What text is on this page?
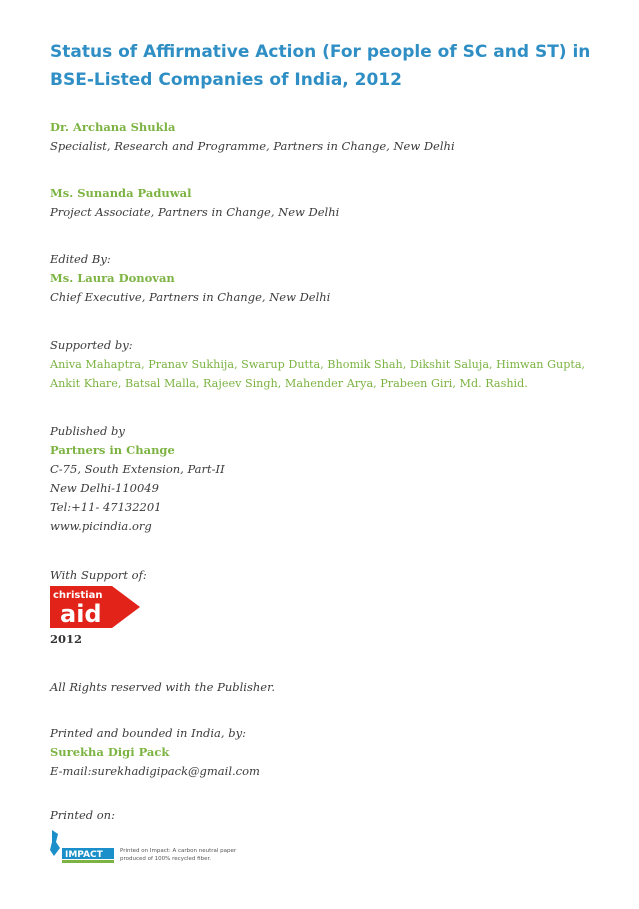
Status of Affirmative Action (For people of SC and ST) in
BSE-Listed Companies of India, 2012
Dr. Archana Shukla
Specialist, Research and Programme, Partners in Change, New Delhi
Ms. Sunanda Paduwal
Project Associate, Partners in Change, New Delhi
Edited By:
Ms. Laura Donovan
Chief Executive, Partners in Change, New Delhi
Supported by:
Aniva Mahaptra, Pranav Sukhija, Swarup Dutta, Bhomik Shah, Dikshit Saluja, Himwan Gupta,
Ankit Khare, Batsal Malla, Rajeev Singh, Mahender Arya, Prabeen Giri, Md. Rashid.
Published by
Partners in Change
C-75, South Extension, Part-II
New Delhi-110049
Tel:+11- 47132201
www.picindia.org
With Support of:
christian
aid
2012
All Rights reserved with the Publisher.
Printed and bounded in India, by:
Surekha Digi Pack
E-mail:surekhadigipack@gmail.com
Printed on:
IMPACT	Printed on Impact: A carbon neutral paper
produced of 100% recycled fiber.
